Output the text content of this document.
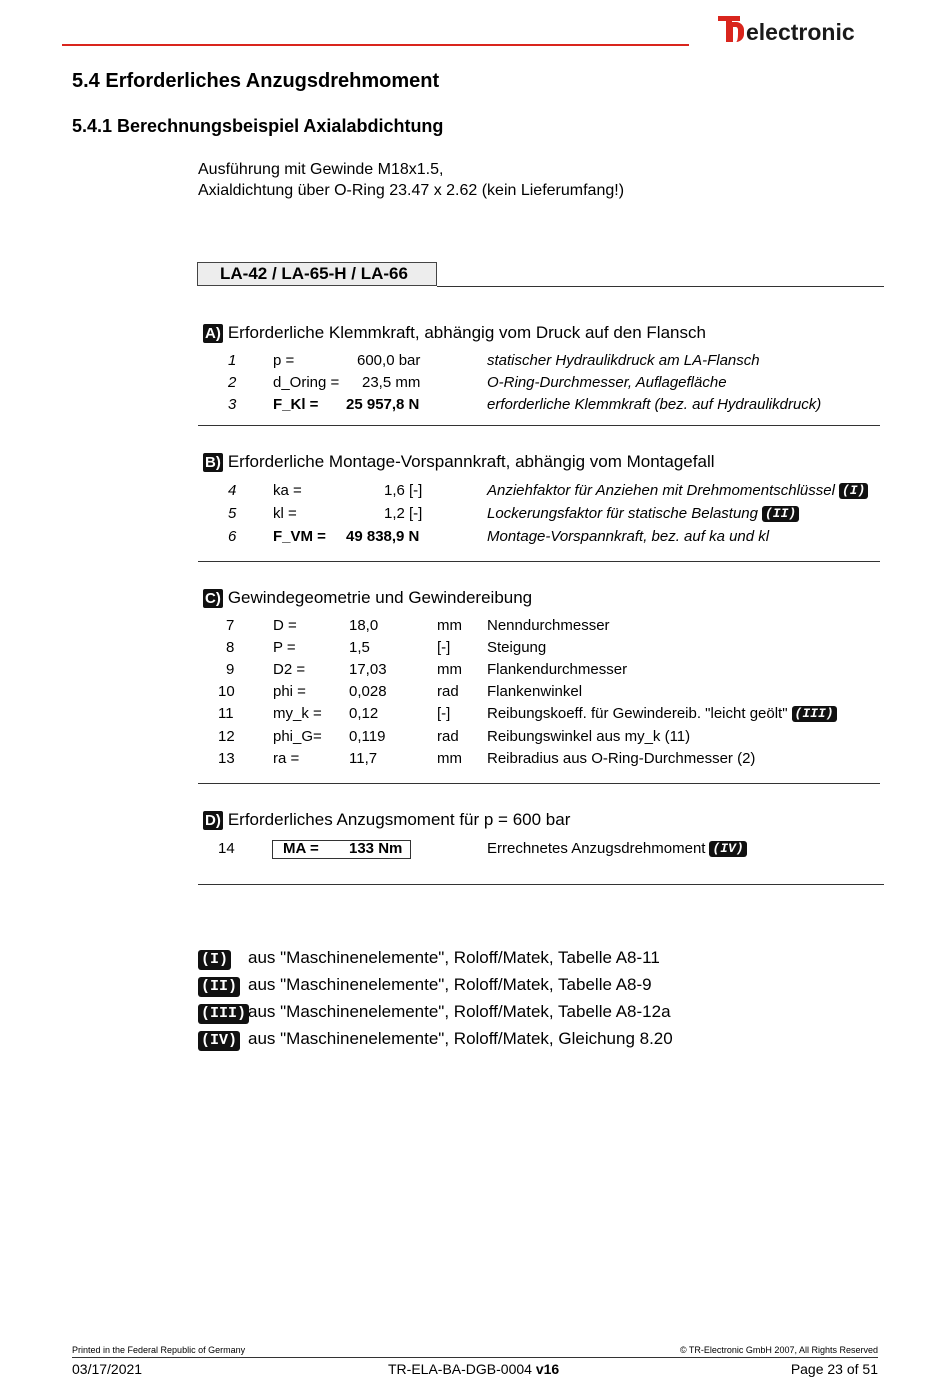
electronic
5.4 Erforderliches Anzugsdrehmoment
5.4.1 Berechnungsbeispiel Axialabdichtung
Ausführung mit Gewinde M18x1.5,
Axialdichtung über O-Ring 23.47 x 2.62 (kein Lieferumfang!)
LA-42 / LA-65-H / LA-66
A) Erforderliche Klemmkraft, abhängig vom Druck auf den Flansch
1 p =	600,0 bar	statischer Hydraulikdruck am LA-Flansch
2 d_Oring = 23,5 mm	O-Ring-Durchmesser, Auflagefläche
3 F_Kl = 25 957,8 N	erforderliche Klemmkraft (bez. auf Hydraulikdruck)
B) Erforderliche Montage-Vorspannkraft, abhängig vom Montagefall
4 ka =	1,6 [-]	Anziehfaktor für Anziehen mit Drehmomentschlüssel (I)
5 kl =	1,2 [-]	Lockerungsfaktor für statische Belastung (II)
6 F_VM = 49 838,9 N	Montage-Vorspannkraft, bez. auf ka und kl
C) Gewindegeometrie und Gewindereibung
7	D =	18,0	mm Nenndurchmesser
8	P =	1,5	[-] Steigung
9	D2 =	17,03	mm Flankendurchmesser
10	phi =	0,028	rad Flankenwinkel
11	my_k = 0,12	[-] Reibungskoeff. für Gewindereib. "leicht geölt" (III)
12	phi_G= 0,119	rad Reibungswinkel aus my_k (11)
13	ra =	11,7	mm Reibradius aus O-Ring-Durchmesser (2)
D) Erforderliches Anzugsmoment für p = 600 bar
14	MA = 133 Nm	Errechnetes Anzugsdrehmoment (IV)
(I) aus "Maschinenelemente", Roloff/Matek, Tabelle A8-11
(II) aus "Maschinenelemente", Roloff/Matek, Tabelle A8-9
(III) aus "Maschinenelemente", Roloff/Matek, Tabelle A8-12a
(IV) aus "Maschinenelemente", Roloff/Matek, Gleichung 8.20
Printed in the Federal Republic of Germany	© TR-Electronic GmbH 2007, All Rights Reserved
03/17/2021	TR-ELA-BA-DGB-0004 v16	Page 23 of 51
